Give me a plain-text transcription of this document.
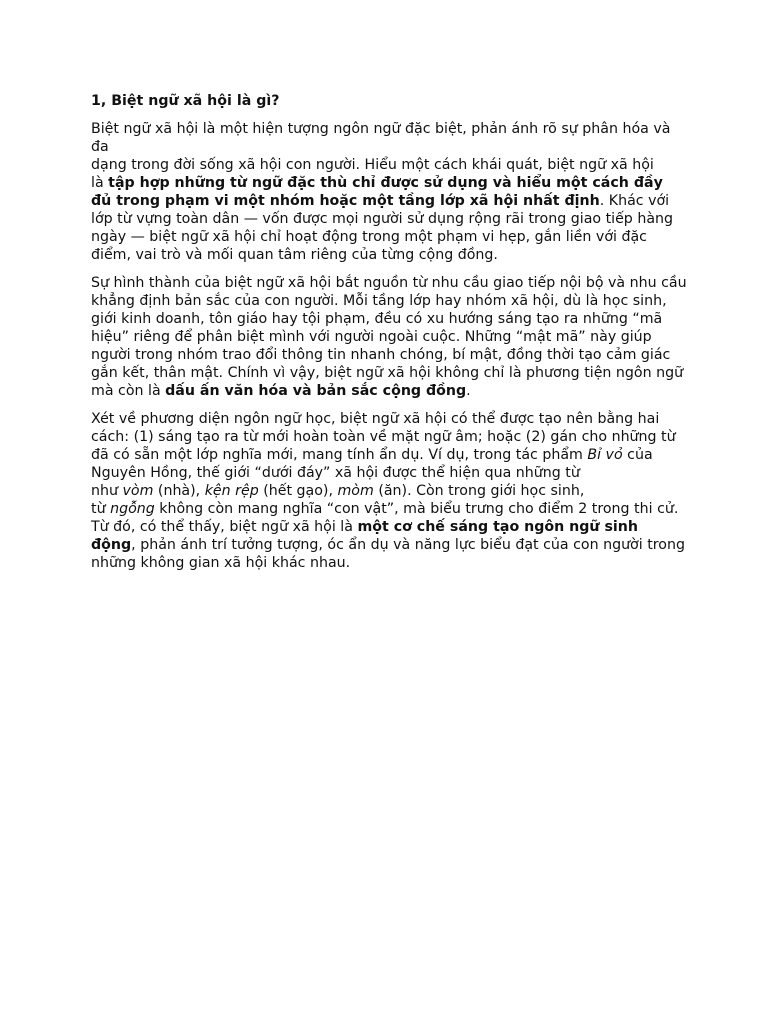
1, Biệt ngữ xã hội là gì?

Biệt ngữ xã hội là một hiện tượng ngôn ngữ đặc biệt, phản ánh rõ sự phân hóa và đa
dạng trong đời sống xã hội con người. Hiểu một cách khái quát, biệt ngữ xã hội
là tập hợp những từ ngữ đặc thù chỉ được sử dụng và hiểu một cách đầy đủ trong phạm vi một nhóm hoặc một tầng lớp xã hội nhất định. Khác với lớp từ vựng toàn dân — vốn được mọi người sử dụng rộng rãi trong giao tiếp hàng ngày — biệt ngữ xã hội chỉ hoạt động trong một phạm vi hẹp, gắn liền với đặc điểm, vai trò và mối quan tâm riêng của từng cộng đồng.

Sự hình thành của biệt ngữ xã hội bắt nguồn từ nhu cầu giao tiếp nội bộ và nhu cầu khẳng định bản sắc của con người. Mỗi tầng lớp hay nhóm xã hội, dù là học sinh, giới kinh doanh, tôn giáo hay tội phạm, đều có xu hướng sáng tạo ra những “mã hiệu” riêng để phân biệt mình với người ngoài cuộc. Những “mật mã” này giúp người trong nhóm trao đổi thông tin nhanh chóng, bí mật, đồng thời tạo cảm giác gắn kết, thân mật. Chính vì vậy, biệt ngữ xã hội không chỉ là phương tiện ngôn ngữ mà còn là dấu ấn văn hóa và bản sắc cộng đồng.

Xét về phương diện ngôn ngữ học, biệt ngữ xã hội có thể được tạo nên bằng hai cách: (1) sáng tạo ra từ mới hoàn toàn về mặt ngữ âm; hoặc (2) gán cho những từ đã có sẵn một lớp nghĩa mới, mang tính ẩn dụ. Ví dụ, trong tác phẩm Bỉ vỏ của Nguyên Hồng, thế giới “dưới đáy” xã hội được thể hiện qua những từ
như vòm (nhà), kện rệp (hết gạo), mòm (ăn). Còn trong giới học sinh,
từ ngỗng không còn mang nghĩa “con vật”, mà biểu trưng cho điểm 2 trong thi cử.
Từ đó, có thể thấy, biệt ngữ xã hội là một cơ chế sáng tạo ngôn ngữ sinh động, phản ánh trí tưởng tượng, óc ẩn dụ và năng lực biểu đạt của con người trong những không gian xã hội khác nhau.
